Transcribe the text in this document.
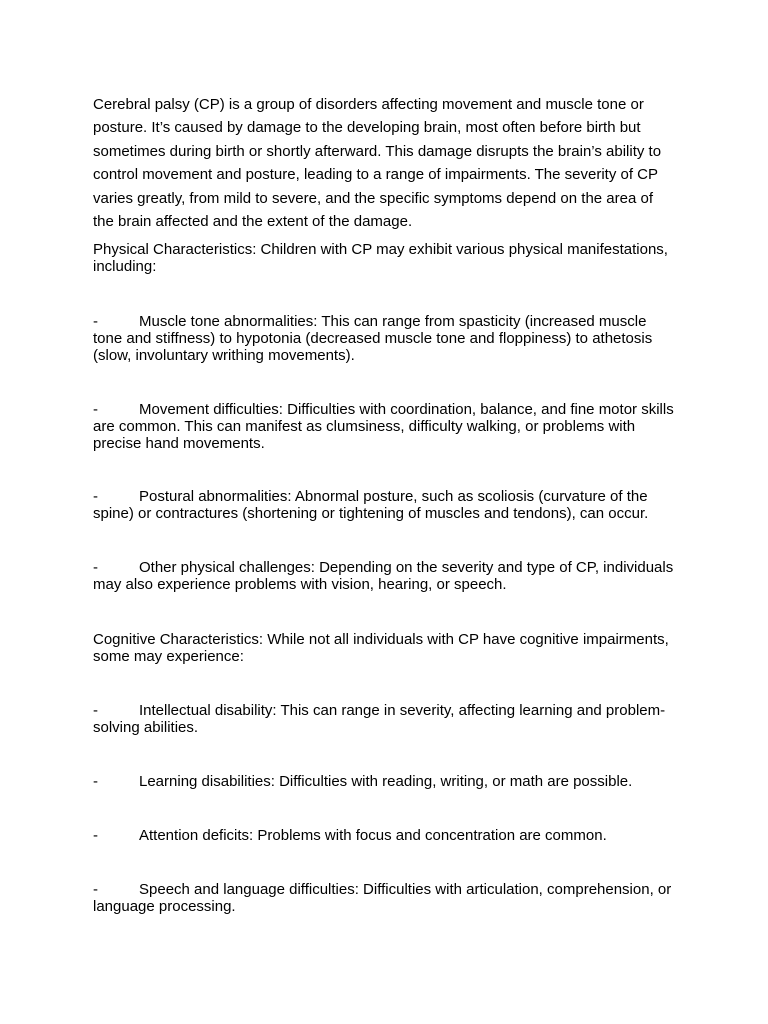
Cerebral palsy (CP) is a group of disorders affecting movement and muscle tone or posture. It’s caused by damage to the developing brain, most often before birth but sometimes during birth or shortly afterward. This damage disrupts the brain’s ability to control movement and posture, leading to a range of impairments. The severity of CP varies greatly, from mild to severe, and the specific symptoms depend on the area of the brain affected and the extent of the damage.

Physical Characteristics: Children with CP may exhibit various physical manifestations, including:

-	Muscle tone abnormalities: This can range from spasticity (increased muscle tone and stiffness) to hypotonia (decreased muscle tone and floppiness) to athetosis (slow, involuntary writhing movements).

-	Movement difficulties: Difficulties with coordination, balance, and fine motor skills are common. This can manifest as clumsiness, difficulty walking, or problems with precise hand movements.

-	Postural abnormalities: Abnormal posture, such as scoliosis (curvature of the spine) or contractures (shortening or tightening of muscles and tendons), can occur.

-	Other physical challenges: Depending on the severity and type of CP, individuals may also experience problems with vision, hearing, or speech.

Cognitive Characteristics: While not all individuals with CP have cognitive impairments, some may experience:

-	Intellectual disability: This can range in severity, affecting learning and problem-solving abilities.

-	Learning disabilities: Difficulties with reading, writing, or math are possible.

-	Attention deficits: Problems with focus and concentration are common.

-	Speech and language difficulties: Difficulties with articulation, comprehension, or language processing.
